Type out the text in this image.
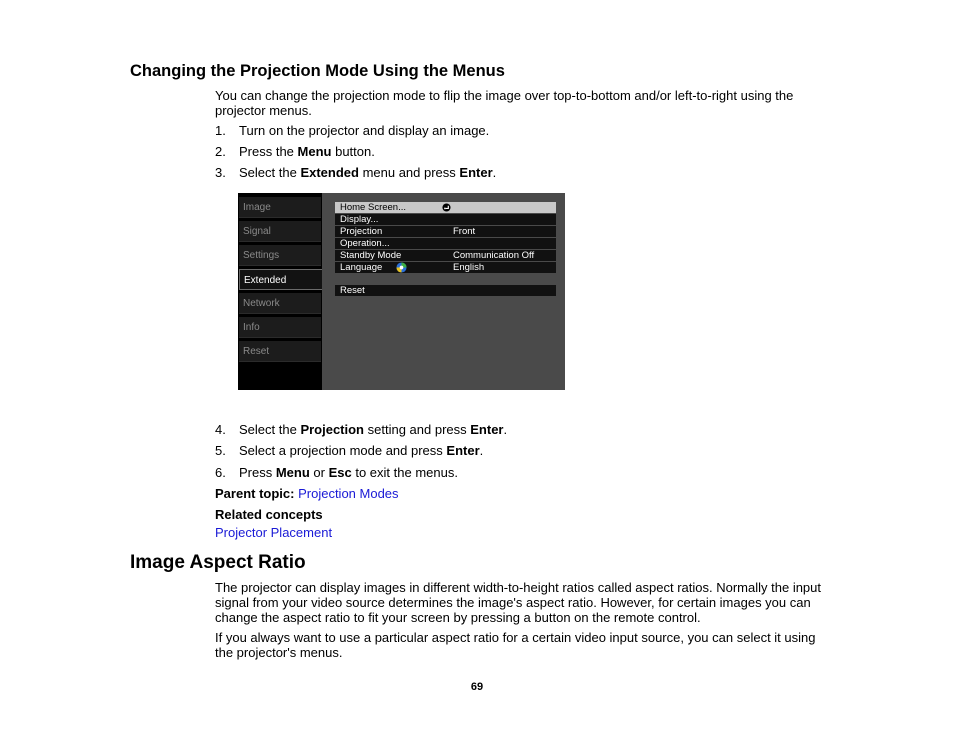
Changing the Projection Mode Using the Menus

You can change the projection mode to flip the image over top-to-bottom and/or left-to-right using the projector menus.

1. Turn on the projector and display an image.
2. Press the Menu button.
3. Select the Extended menu and press Enter.
Image
Signal
Settings
Extended
Network
Info
Reset
Home Screen...
Display...
Projection	Front
Operation...
Standby Mode	Communication Off
Language	English
Reset
4. Select the Projection setting and press Enter.
5. Select a projection mode and press Enter.
6. Press Menu or Esc to exit the menus.
Parent topic: Projection Modes
Related concepts
Projector Placement
Image Aspect Ratio

The projector can display images in different width-to-height ratios called aspect ratios. Normally the input signal from your video source determines the image's aspect ratio. However, for certain images you can change the aspect ratio to fit your screen by pressing a button on the remote control.

If you always want to use a particular aspect ratio for a certain video input source, you can select it using the projector's menus.

69
